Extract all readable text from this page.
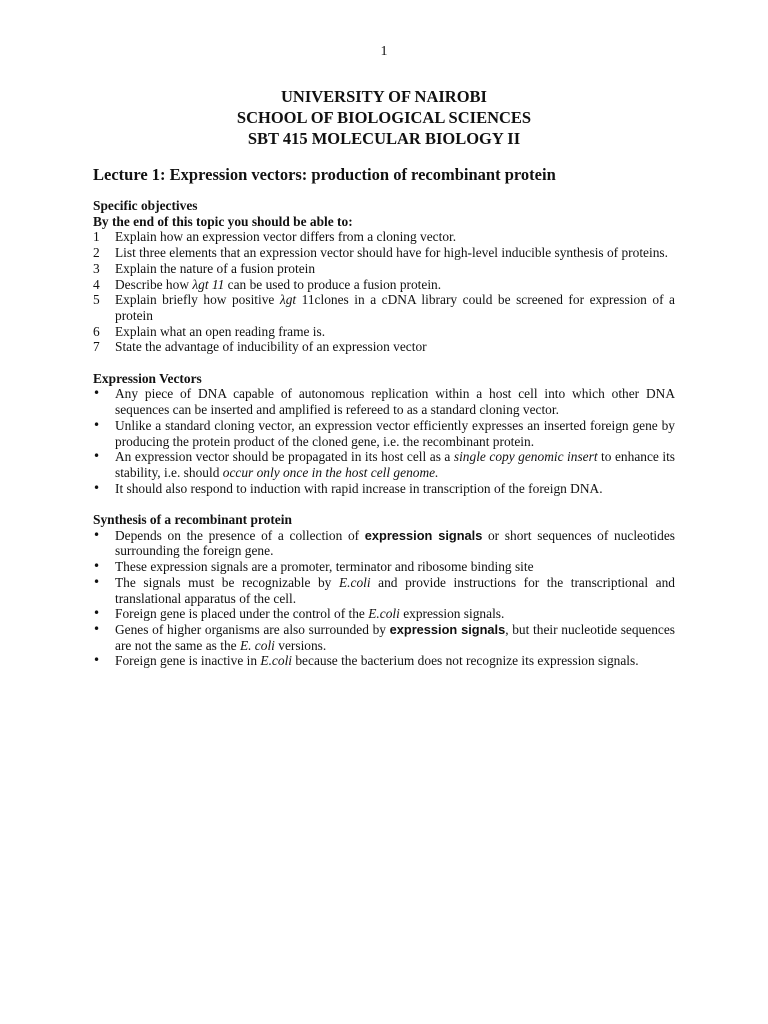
1
UNIVERSITY OF NAIROBI
SCHOOL OF BIOLOGICAL SCIENCES
SBT 415 MOLECULAR BIOLOGY II
Lecture 1: Expression vectors: production of recombinant protein
Specific objectives
By the end of this topic you should be able to:
1 Explain how an expression vector differs from a cloning vector.
2 List three elements that an expression vector should have for high-level inducible synthesis of proteins.
3 Explain the nature of a fusion protein
4 Describe how λgt 11 can be used to produce a fusion protein.
5 Explain briefly how positive λgt 11clones in a cDNA library could be screened for expression of a protein
6 Explain what an open reading frame is.
7 State the advantage of inducibility of an expression vector
Expression Vectors
• Any piece of DNA capable of autonomous replication within a host cell into which other DNA sequences can be inserted and amplified is refereed to as a standard cloning vector.
• Unlike a standard cloning vector, an expression vector efficiently expresses an inserted foreign gene by producing the protein product of the cloned gene, i.e. the recombinant protein.
• An expression vector should be propagated in its host cell as a single copy genomic insert to enhance its stability, i.e. should occur only once in the host cell genome.
• It should also respond to induction with rapid increase in transcription of the foreign DNA.
Synthesis of a recombinant protein
• Depends on the presence of a collection of expression signals or short sequences of nucleotides surrounding the foreign gene.
• These expression signals are a promoter, terminator and ribosome binding site
• The signals must be recognizable by E.coli and provide instructions for the transcriptional and translational apparatus of the cell.
• Foreign gene is placed under the control of the E.coli expression signals.
• Genes of higher organisms are also surrounded by expression signals, but their nucleotide sequences are not the same as the E. coli versions.
• Foreign gene is inactive in E.coli because the bacterium does not recognize its expression signals.
